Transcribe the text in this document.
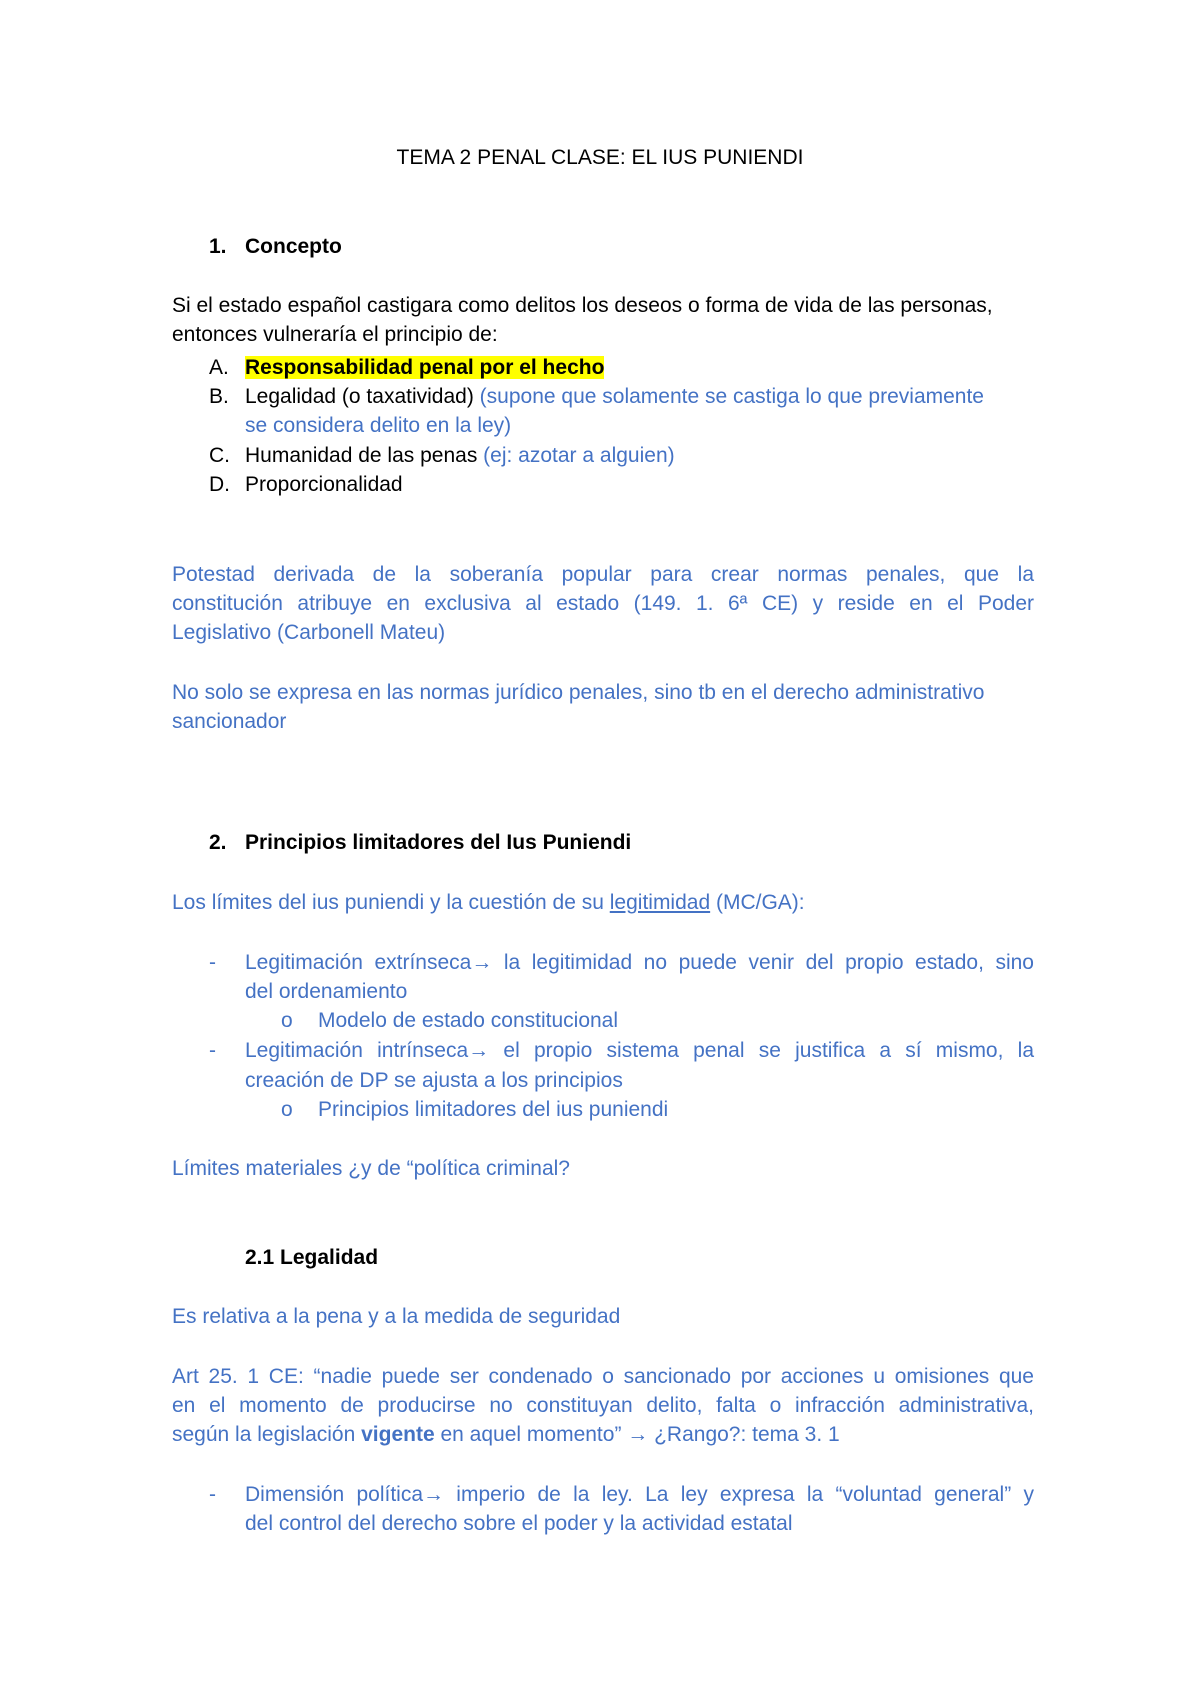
TEMA 2 PENAL CLASE: EL IUS PUNIENDI
1. Concepto
Si el estado español castigara como delitos los deseos o forma de vida de las personas,
entonces vulneraría el principio de:
A. Responsabilidad penal por el hecho
B. Legalidad (o taxatividad) (supone que solamente se castiga lo que previamente
se considera delito en la ley)
C. Humanidad de las penas (ej: azotar a alguien)
D. Proporcionalidad
Potestad derivada de la soberanía popular para crear normas penales, que la
constitución atribuye en exclusiva al estado (149. 1. 6ª CE) y reside en el Poder
Legislativo (Carbonell Mateu)
No solo se expresa en las normas jurídico penales, sino tb en el derecho administrativo
sancionador
2. Principios limitadores del Ius Puniendi
Los límites del ius puniendi y la cuestión de su legitimidad (MC/GA):
- Legitimación extrínseca→ la legitimidad no puede venir del propio estado, sino
del ordenamiento
o Modelo de estado constitucional
- Legitimación intrínseca→ el propio sistema penal se justifica a sí mismo, la
creación de DP se ajusta a los principios
o Principios limitadores del ius puniendi
Límites materiales ¿y de “política criminal?
2.1 Legalidad
Es relativa a la pena y a la medida de seguridad
Art 25. 1 CE: “nadie puede ser condenado o sancionado por acciones u omisiones que
en el momento de producirse no constituyan delito, falta o infracción administrativa,
según la legislación vigente en aquel momento” → ¿Rango?: tema 3. 1
- Dimensión política→ imperio de la ley. La ley expresa la “voluntad general” y
del control del derecho sobre el poder y la actividad estatal
